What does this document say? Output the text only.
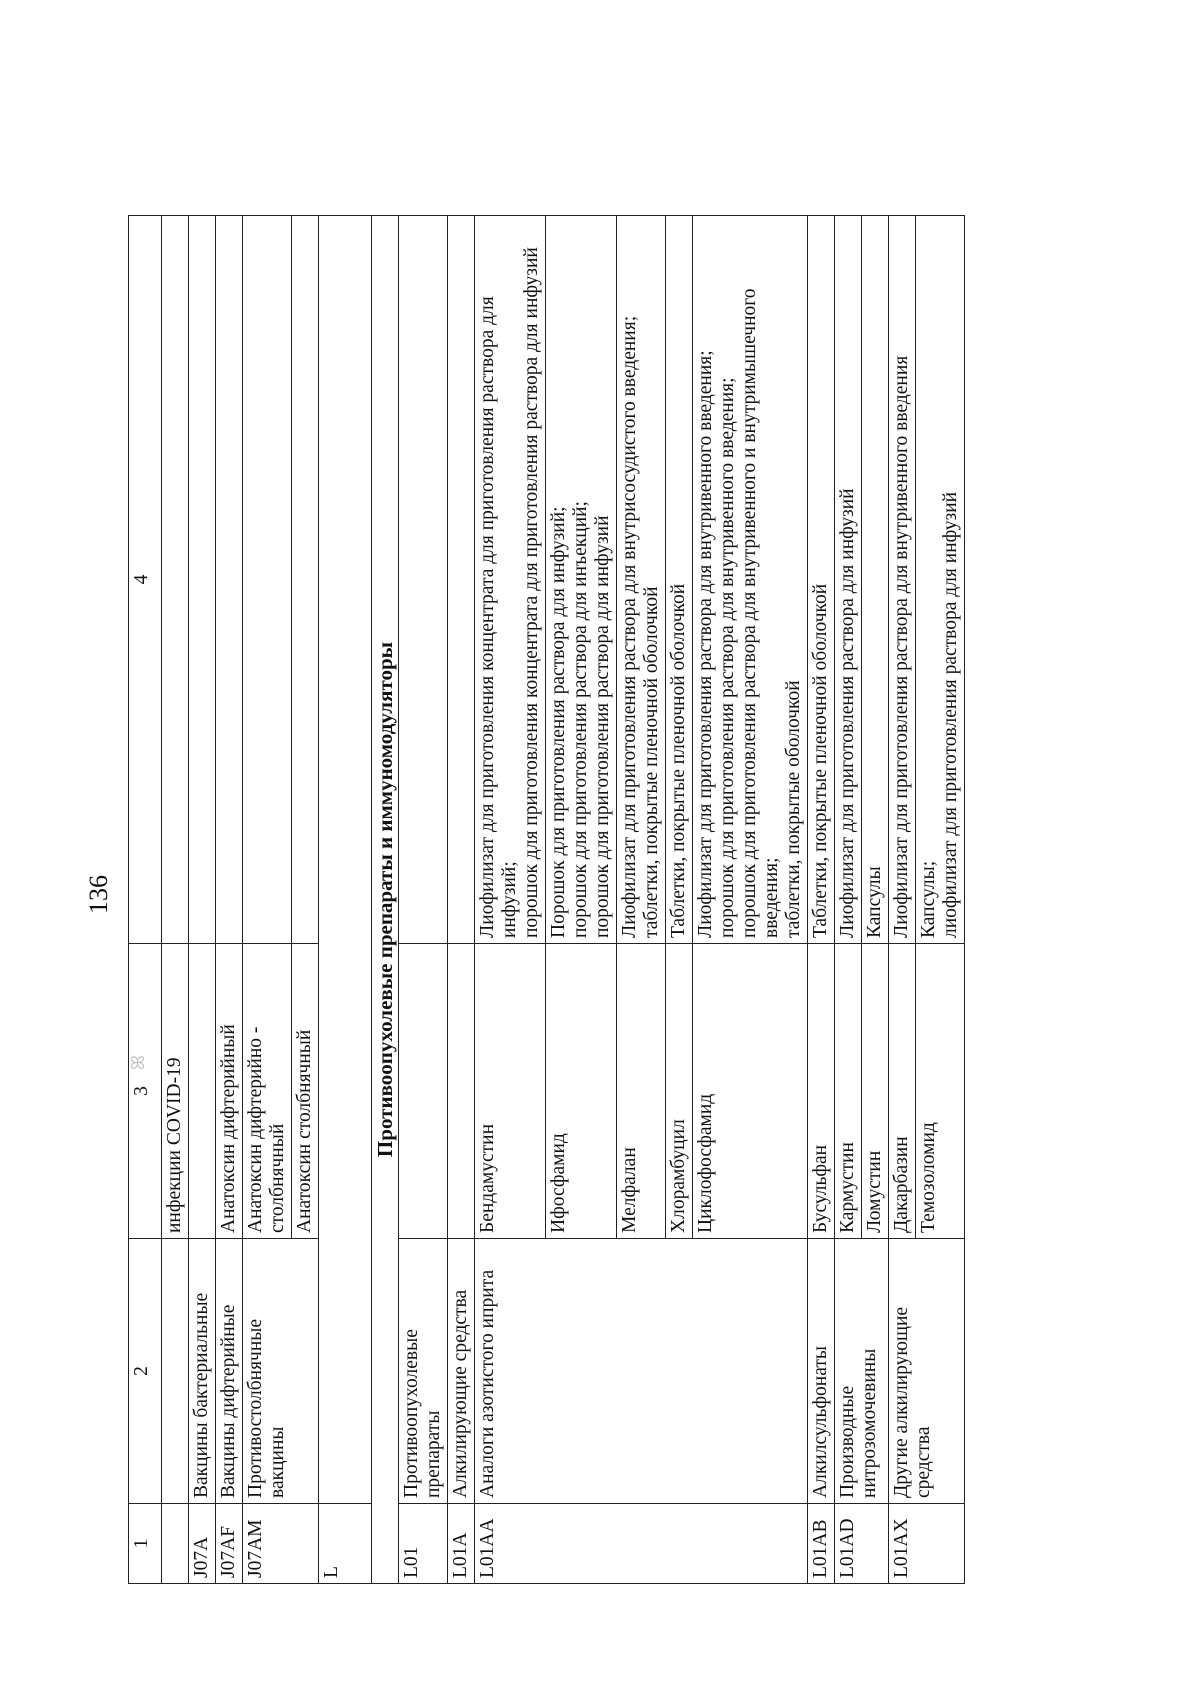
136
ꕤ
1	2	3	4
		инфекции COVID-19	
J07A	Вакцины бактериальные		
J07AF	Вакцины дифтерийные	Анатоксин дифтерийный	
J07AM	Противостолбнячные вакцины	Анатоксин дифтерийно - столбнячный	
		Анатоксин столбнячный	
L			
Противоопухолевые препараты и иммуномодуляторы			
L01	Противоопухолевые препараты		
L01A	Алкилирующие средства		
L01AA	Аналоги азотистого иприта	Бендамустин	Лиофилизат для приготовления концентрата для приготовления раствора для инфузий;
порошок для приготовления концентрата для приготовления раствора для инфузий
		Ифосфамид	Порошок для приготовления раствора для инфузий;
порошок для приготовления раствора для инъекций;
порошок для приготовления раствора для инфузий
		Мелфалан	Лиофилизат для приготовления раствора для внутрисосудистого введения;
таблетки, покрытые пленочной оболочкой
		Хлорамбуцил	Таблетки, покрытые пленочной оболочкой
		Циклофосфамид	Лиофилизат для приготовления раствора для внутривенного введения;
порошок для приготовления раствора для внутривенного введения;
порошок для приготовления раствора для внутривенного и внутримышечного введения;
таблетки, покрытые оболочкой
L01AB	Алкилсульфонаты	Бусульфан	Таблетки, покрытые пленочной оболочкой
L01AD	Производные нитрозомочевины	Кармустин	Лиофилизат для приготовления раствора для инфузий
		Ломустин	Капсулы
L01AX	Другие алкилирующие средства	Дакарбазин	Лиофилизат для приготовления раствора для внутривенного введения
		Темозоломид	Капсулы;
лиофилизат для приготовления раствора для инфузий
